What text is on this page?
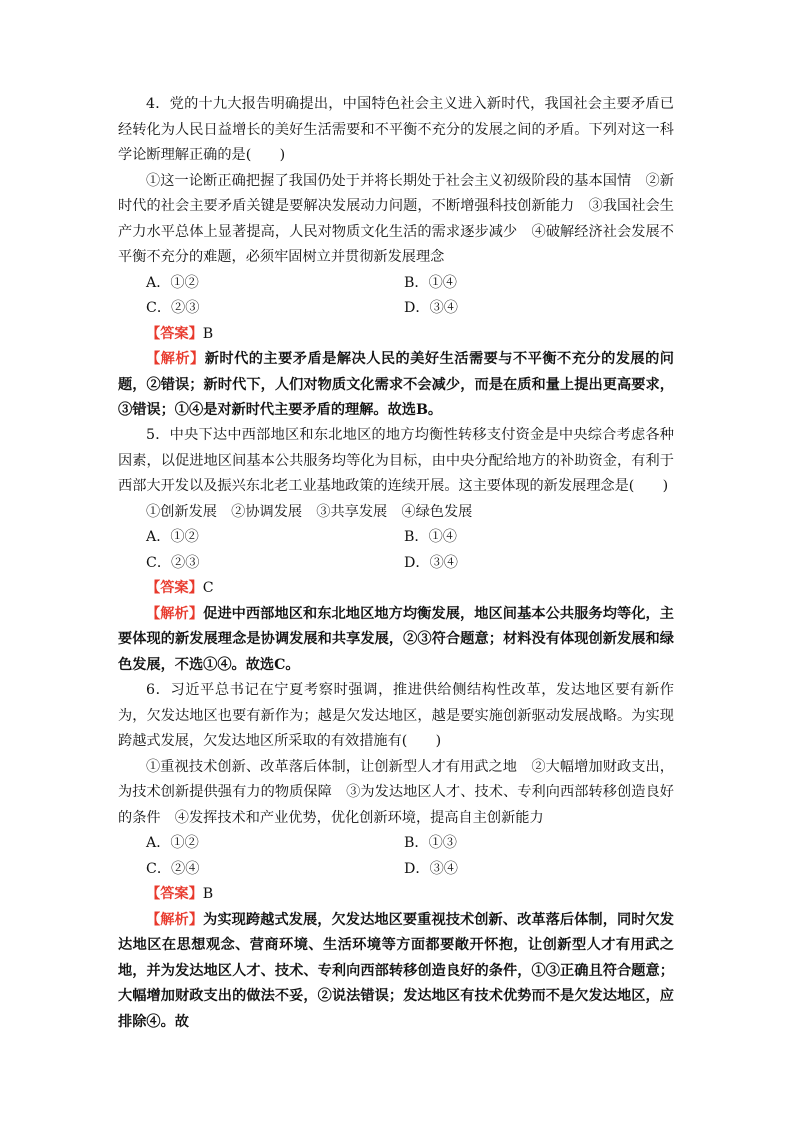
4．党的十九大报告明确提出，中国特色社会主义进入新时代，我国社会主要矛盾已经转化为人民日益增长的美好生活需要和不平衡不充分的发展之间的矛盾。下列对这一科学论断理解正确的是(　　)

①这一论断正确把握了我国仍处于并将长期处于社会主义初级阶段的基本国情　②新时代的社会主要矛盾关键是要解决发展动力问题，不断增强科技创新能力　③我国社会生产力水平总体上显著提高，人民对物质文化生活的需求逐步减少　④破解经济社会发展不平衡不充分的难题，必须牢固树立并贯彻新发展理念

A．①②	B．①④
C．②③	D．③④

【答案】B

【解析】新时代的主要矛盾是解决人民的美好生活需要与不平衡不充分的发展的问题，②错误；新时代下，人们对物质文化需求不会减少，而是在质和量上提出更高要求，③错误；①④是对新时代主要矛盾的理解。故选B。

5．中央下达中西部地区和东北地区的地方均衡性转移支付资金是中央综合考虑各种因素，以促进地区间基本公共服务均等化为目标，由中央分配给地方的补助资金，有利于西部大开发以及振兴东北老工业基地政策的连续开展。这主要体现的新发展理念是(　　)

①创新发展　②协调发展　③共享发展　④绿色发展

A．①②	B．①④
C．②③	D．③④

【答案】C

【解析】促进中西部地区和东北地区地方均衡发展，地区间基本公共服务均等化，主要体现的新发展理念是协调发展和共享发展，②③符合题意；材料没有体现创新发展和绿色发展，不选①④。故选C。

6．习近平总书记在宁夏考察时强调，推进供给侧结构性改革，发达地区要有新作为，欠发达地区也要有新作为；越是欠发达地区，越是要实施创新驱动发展战略。为实现跨越式发展，欠发达地区所采取的有效措施有(　　)

①重视技术创新、改革落后体制，让创新型人才有用武之地　②大幅增加财政支出，为技术创新提供强有力的物质保障　③为发达地区人才、技术、专利向西部转移创造良好的条件　④发挥技术和产业优势，优化创新环境，提高自主创新能力

A．①②	B．①③
C．②④	D．③④

【答案】B

【解析】为实现跨越式发展，欠发达地区要重视技术创新、改革落后体制，同时欠发达地区在思想观念、营商环境、生活环境等方面都要敞开怀抱，让创新型人才有用武之地，并为发达地区人才、技术、专利向西部转移创造良好的条件，①③正确且符合题意；大幅增加财政支出的做法不妥，②说法错误；发达地区有技术优势而不是欠发达地区，应排除④。故
